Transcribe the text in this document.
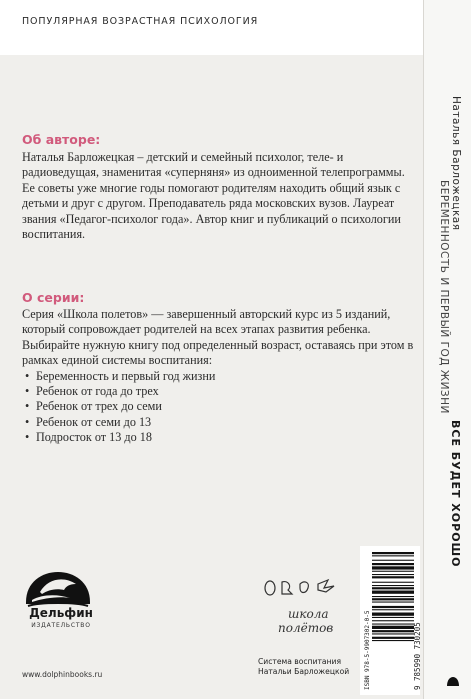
ПОПУЛЯРНАЯ ВОЗРАСТНАЯ ПСИХОЛОГИЯ
Об авторе:

Наталья Барложецкая – детский и семейный психолог, теле- и радиоведущая, знаменитая «суперняня» из одноименной телепрограммы. Ее советы уже многие годы помогают родителям находить общий язык с детьми и друг с другом. Преподаватель ряда московских вузов. Лауреат звания «Педагог-психолог года». Автор книг и публикаций о психологии воспитания.

О серии:

Серия «Школа полетов» — завершенный авторский курс из 5 изданий, который сопровождает родителей на всех этапах развития ребенка. Выбирайте нужную книгу под определенный возраст, оставаясь при этом в рамках единой системы воспитания:

• Беременность и первый год жизни
• Ребенок от года до трех
• Ребенок от трех до семи
• Ребенок от семи до 13
• Подросток от 13 до 18
Дельфин
ИЗДАТЕЛЬСТВО
www.dolphinbooks.ru
школа
полётов
Система воспитания
Натальи Барложецкой	ISBN 978-5-9907302-0-5	9 785990 730205
Наталья Барложецкая
БЕРЕМЕННОСТЬ И ПЕРВЫЙ ГОД ЖИЗНИ
ВСЕ БУДЕТ ХОРОШО
